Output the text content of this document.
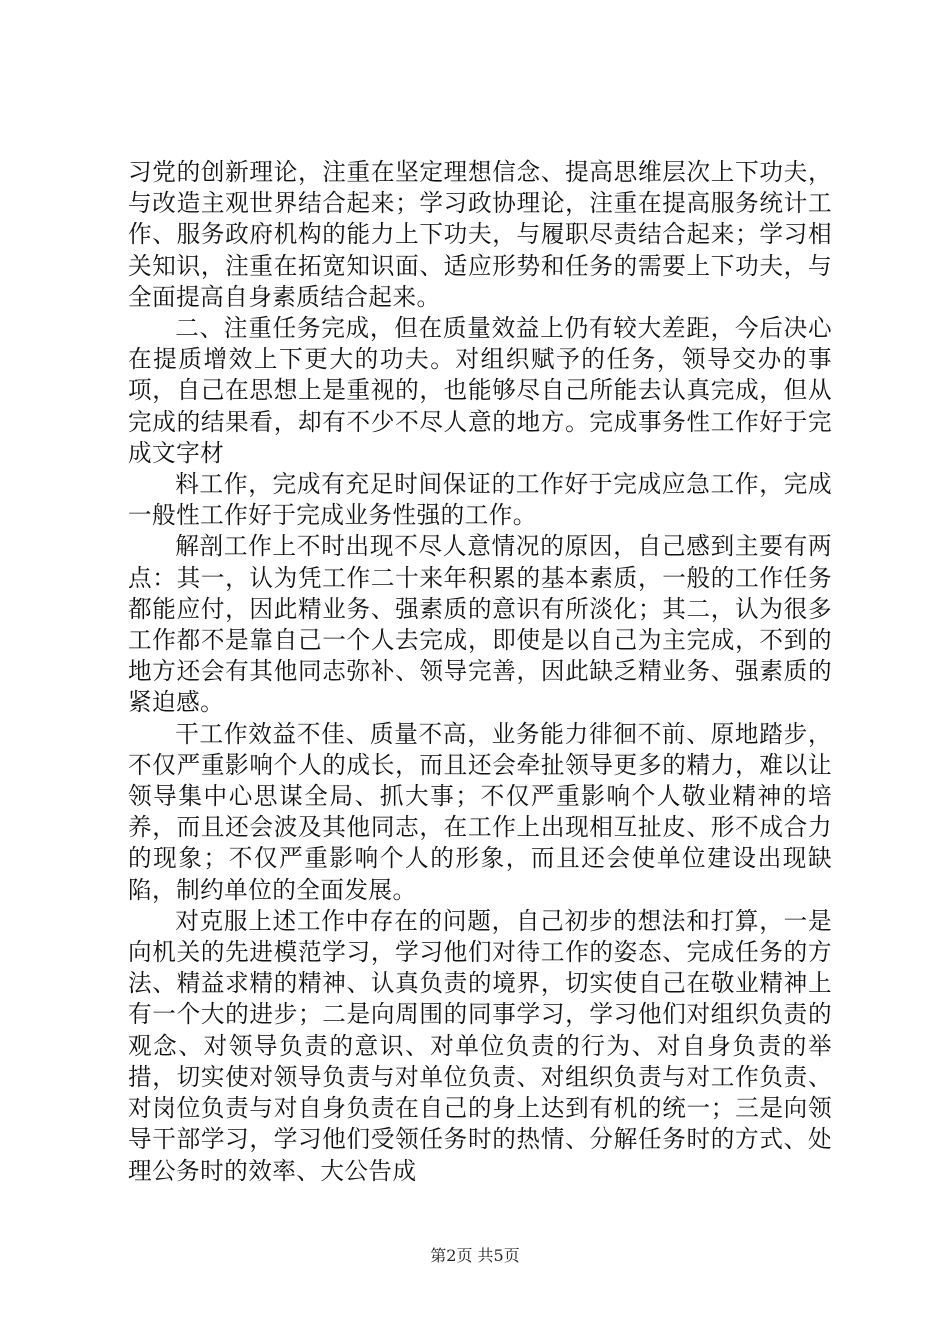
习党的创新理论，注重在坚定理想信念、提高思维层次上下功夫，与改造主观世界结合起来；学习政协理论，注重在提高服务统计工作、服务政府机构的能力上下功夫，与履职尽责结合起来；学习相关知识，注重在拓宽知识面、适应形势和任务的需要上下功夫，与全面提高自身素质结合起来。

二、注重任务完成，但在质量效益上仍有较大差距，今后决心在提质增效上下更大的功夫。对组织赋予的任务，领导交办的事项，自己在思想上是重视的，也能够尽自己所能去认真完成，但从完成的结果看，却有不少不尽人意的地方。完成事务性工作好于完成文字材

料工作，完成有充足时间保证的工作好于完成应急工作，完成一般性工作好于完成业务性强的工作。

解剖工作上不时出现不尽人意情况的原因，自己感到主要有两点：其一，认为凭工作二十来年积累的基本素质，一般的工作任务都能应付，因此精业务、强素质的意识有所淡化；其二，认为很多工作都不是靠自己一个人去完成，即使是以自己为主完成，不到的地方还会有其他同志弥补、领导完善，因此缺乏精业务、强素质的紧迫感。

干工作效益不佳、质量不高，业务能力徘徊不前、原地踏步，不仅严重影响个人的成长，而且还会牵扯领导更多的精力，难以让领导集中心思谋全局、抓大事；不仅严重影响个人敬业精神的培养，而且还会波及其他同志，在工作上出现相互扯皮、形不成合力的现象；不仅严重影响个人的形象，而且还会使单位建设出现缺陷，制约单位的全面发展。

对克服上述工作中存在的问题，自己初步的想法和打算，一是向机关的先进模范学习，学习他们对待工作的姿态、完成任务的方法、精益求精的精神、认真负责的境界，切实使自己在敬业精神上有一个大的进步；二是向周围的同事学习，学习他们对组织负责的观念、对领导负责的意识、对单位负责的行为、对自身负责的举措，切实使对领导负责与对单位负责、对组织负责与对工作负责、对岗位负责与对自身负责在自己的身上达到有机的统一；三是向领导干部学习，学习他们受领任务时的热情、分解任务时的方式、处理公务时的效率、大公告成

第2页 共5页
